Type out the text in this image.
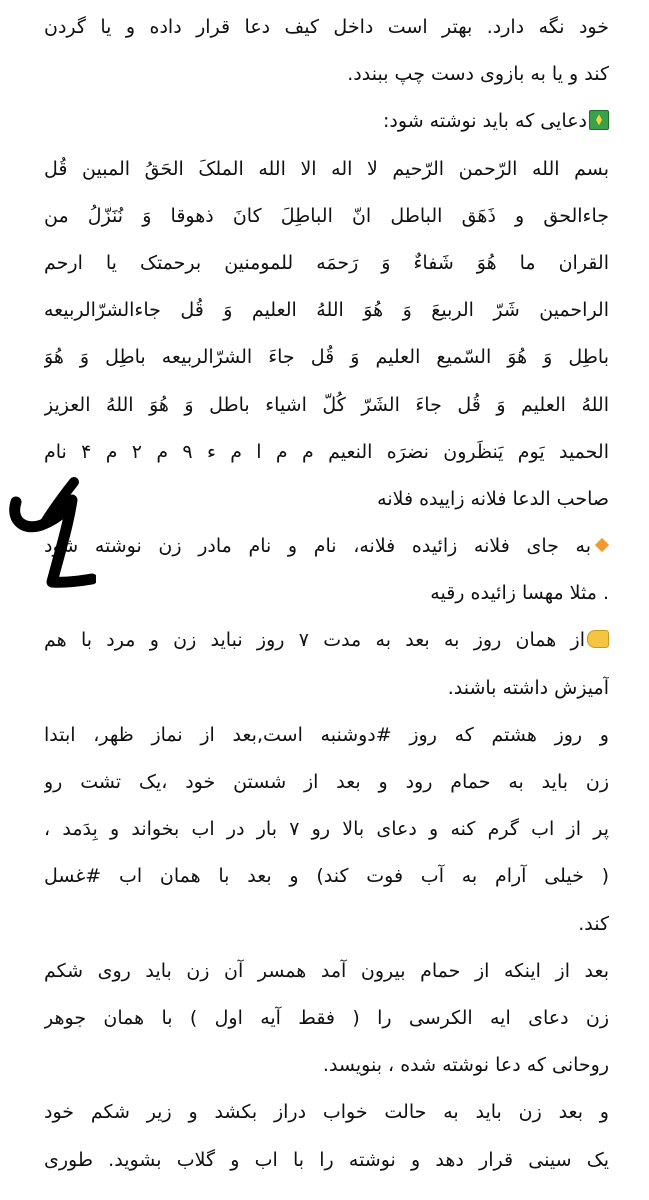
خود نگه دارد. بهتر است داخل کیف دعا قرار داده و یا گردن
کند و یا به بازوی دست چپ ببندد.
دعایی که باید نوشته شود:
بسم الله الرّحمن الرّحیم لا اله الا الله الملکَ الحَقُ المبین قُل
جاءالحق و ذَهَق الباطل انّ الباطِلَ کانَ ذهوقا وَ نُنَزّلُ من
القران ما هُوَ شَفاءٌ وَ رَحمَه للمومنین برحمتک یا ارحم
الراحمین شَرّ الربیعَ وَ هُوَ اللهُ العلیم وَ قُل جاءالشرّالربیعه
باطِل وَ هُوَ السّمیع العلیم وَ قُل جاءَ الشرّالربیعه باطِل وَ هُوَ
اللهُ العلیم وَ قُل جاءَ الشَرّ کُلّ اشیاء باطل وَ هُوَ اللهُ العزیز
الحمید یَوم یَنظَرون نضرَه النعیم م م ا م ء ۹ م ۲ م ۴ نام
صاحب الدعا فلانه زاییده فلانه
به جای فلانه زائیده فلانه، نام و نام مادر زن نوشته شود
. مثلا مهسا زائیده رقیه
از همان روز به بعد به مدت ۷ روز نباید زن و مرد با هم
آمیزش داشته باشند.
و روز هشتم که روز #دوشنبه است,بعد از نماز ظهر، ابتدا
زن باید به حمام رود و بعد از شستن خود ،یک تشت رو
پر از اب گرم کنه و دعای بالا رو ۷ بار در اب بخواند و بِدَمد ،
( خیلی آرام به آب فوت کند) و بعد با همان اب #غسل
کند.
بعد از اینکه از حمام بیرون آمد همسر آن زن باید روی شکم
زن دعای ایه الکرسی را ( فقط آیه اول ) با همان جوهر
روحانی که دعا نوشته شده ، بنویسد.
و بعد زن باید به حالت خواب دراز بکشد و زیر شکم خود
یک سینی قرار دهد و نوشته را با اب و گلاب بشوید. طوری
